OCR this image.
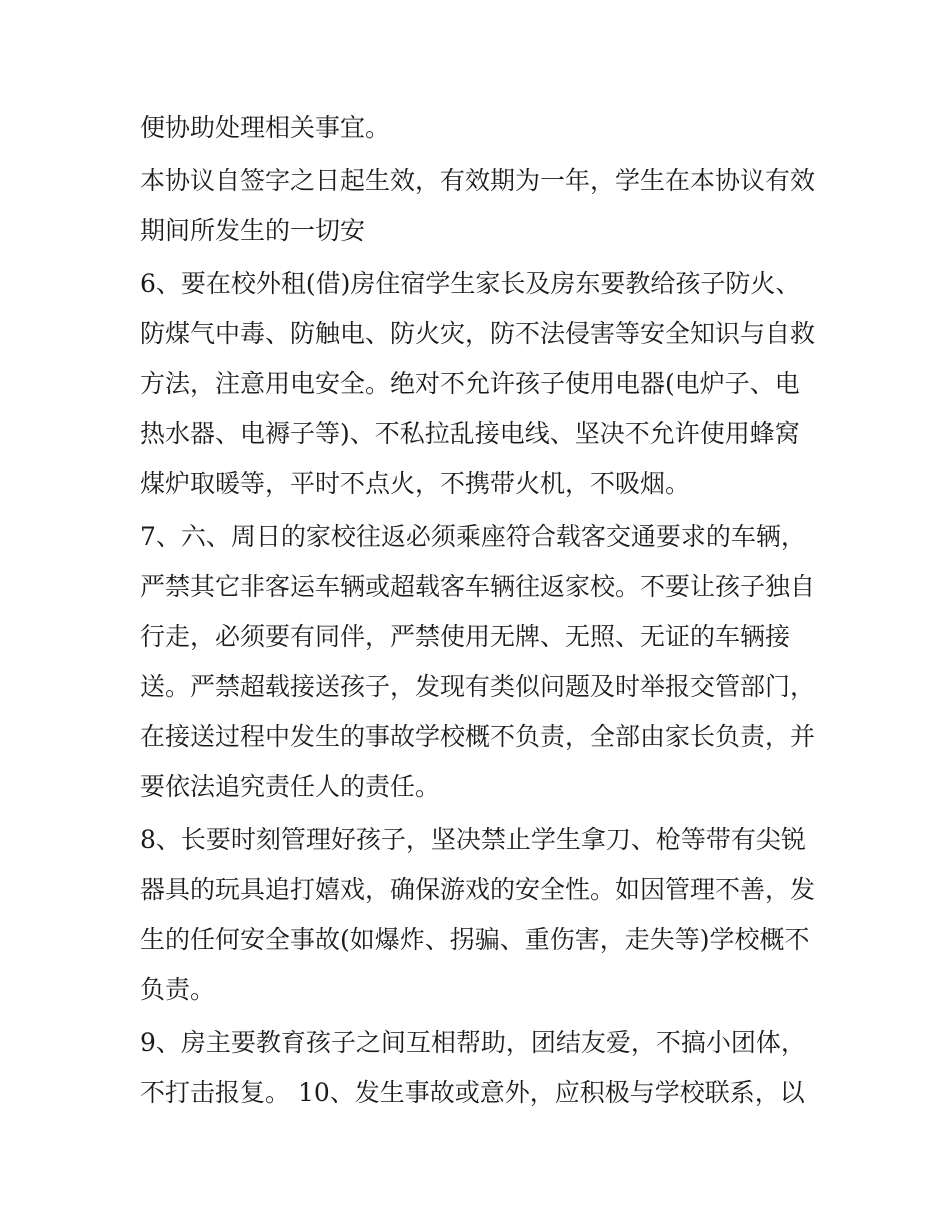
便协助处理相关事宜。

本协议自签字之日起生效，有效期为一年，学生在本协议有效期间所发生的一切安

6、要在校外租(借)房住宿学生家长及房东要教给孩子防火、防煤气中毒、防触电、防火灾，防不法侵害等安全知识与自救方法，注意用电安全。绝对不允许孩子使用电器(电炉子、电热水器、电褥子等)、不私拉乱接电线、坚决不允许使用蜂窝煤炉取暖等，平时不点火，不携带火机，不吸烟。

7、六、周日的家校往返必须乘座符合载客交通要求的车辆，严禁其它非客运车辆或超载客车辆往返家校。不要让孩子独自行走，必须要有同伴，严禁使用无牌、无照、无证的车辆接送。严禁超载接送孩子，发现有类似问题及时举报交管部门，在接送过程中发生的事故学校概不负责，全部由家长负责，并要依法追究责任人的责任。

8、长要时刻管理好孩子，坚决禁止学生拿刀、枪等带有尖锐器具的玩具追打嬉戏，确保游戏的安全性。如因管理不善，发生的任何安全事故(如爆炸、拐骗、重伤害，走失等)学校概不负责。

9、房主要教育孩子之间互相帮助，团结友爱，不搞小团体，不打击报复。 10、发生事故或意外，应积极与学校联系，以
